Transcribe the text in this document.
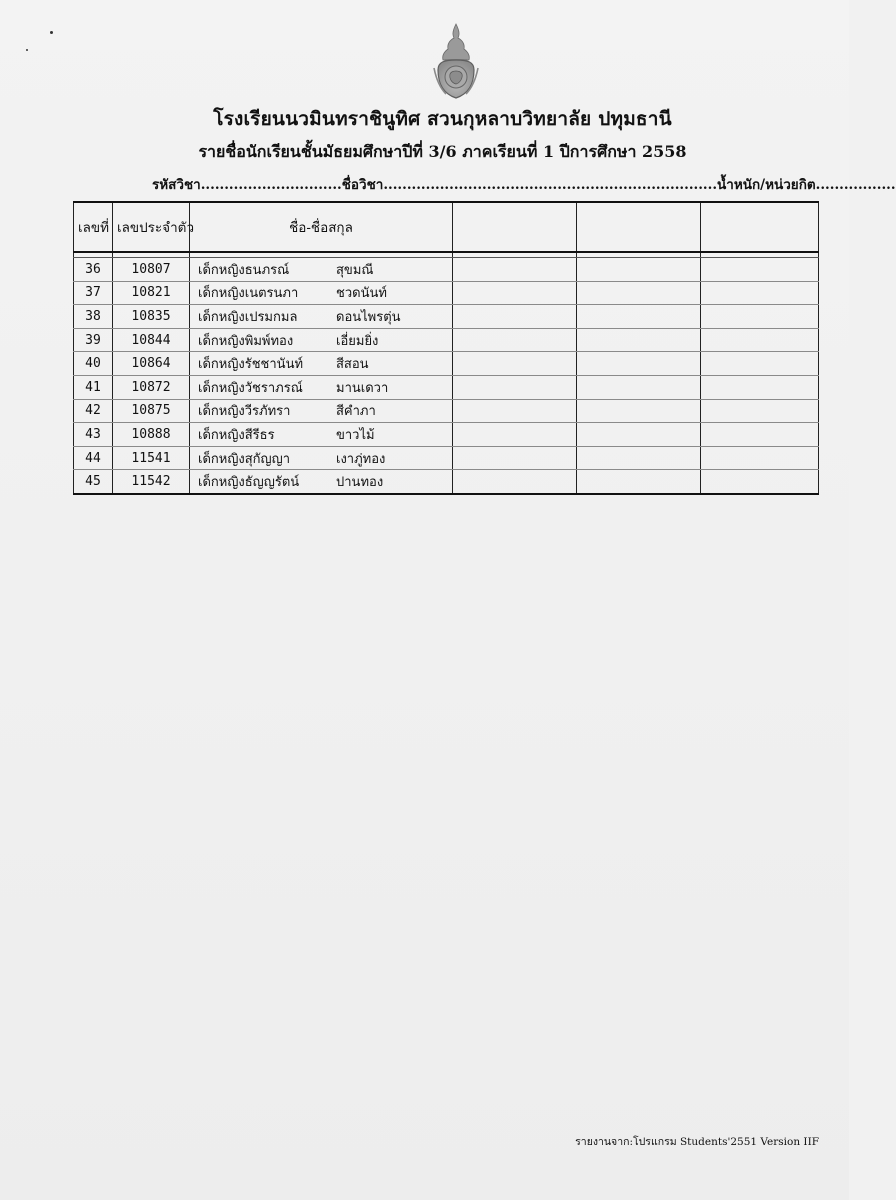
โรงเรียนนวมินทราชินูทิศ สวนกุหลาบวิทยาลัย ปทุมธานี
รายชื่อนักเรียนชั้นมัธยมศึกษาปีที่ 3/6 ภาคเรียนที่ 1 ปีการศึกษา 2558
รหัสวิชา..............................ชื่อวิชา.......................................................................น้ำหนัก/หน่วยกิต.................
เลขที่	เลขประจำตัว	ชื่อ-ชื่อสกุล			

36	10807	เด็กหญิงธนภรณ์ สุขมณี			
37	10821	เด็กหญิงเนตรนภา ชวดนันท์			
38	10835	เด็กหญิงเปรมกมล ดอนไพรตุ่น			
39	10844	เด็กหญิงพิมพ์ทอง เอี่ยมยิ่ง			
40	10864	เด็กหญิงรัชชานันท์ สีสอน			
41	10872	เด็กหญิงวัชราภรณ์ มานเดวา			
42	10875	เด็กหญิงวีรภัทรา สีคำภา			
43	10888	เด็กหญิงสีรีธร ขาวไม้			
44	11541	เด็กหญิงสุกัญญา เงาภู่ทอง			
45	11542	เด็กหญิงธัญญรัตน์ ปานทอง			
รายงานจาก:โปรแกรม Students'2551 Version IIF
